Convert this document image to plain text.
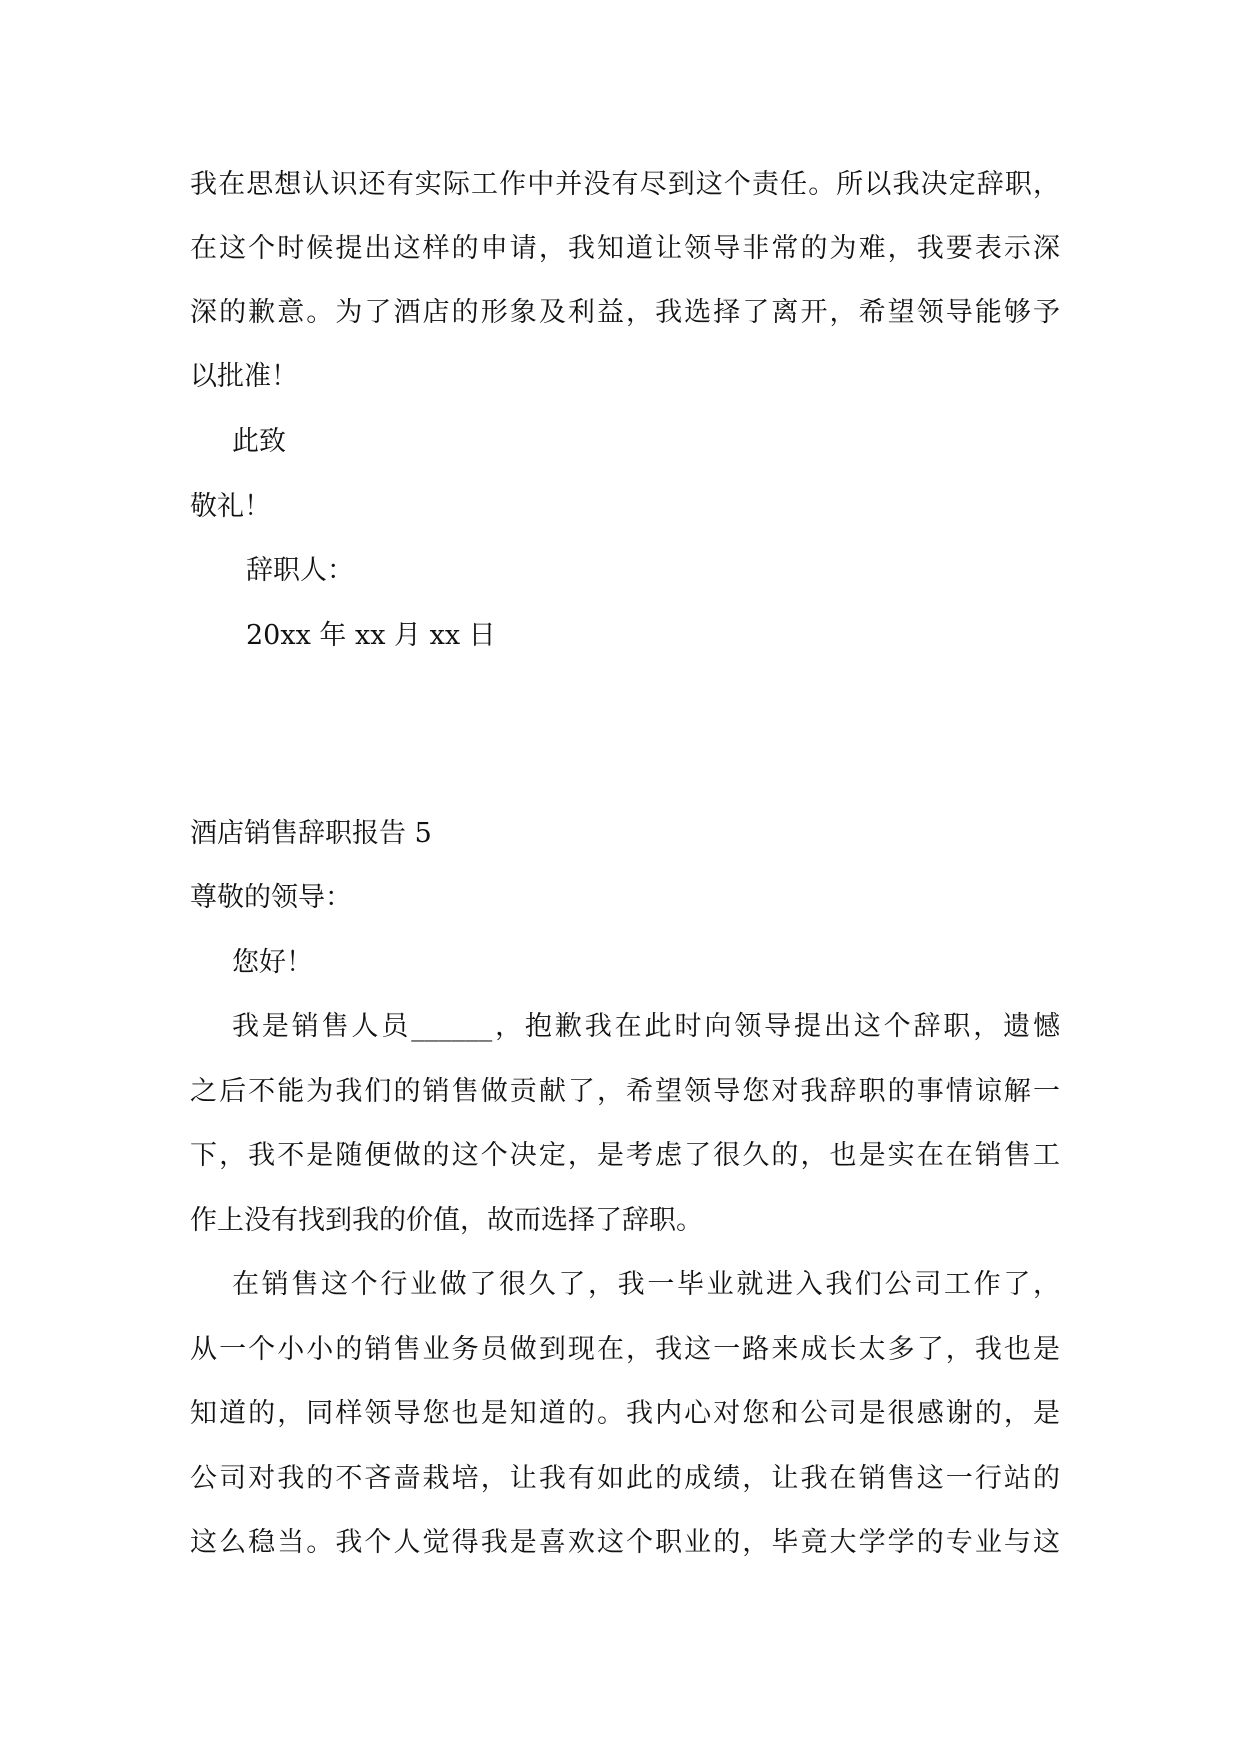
我在思想认识还有实际工作中并没有尽到这个责任。所以我决定辞职，
在这个时候提出这样的申请，我知道让领导非常的为难，我要表示深
深的歉意。为了酒店的形象及利益，我选择了离开，希望领导能够予
以批准！
此致
敬礼！
辞职人：
20xx 年 xx 月 xx 日
酒店销售辞职报告 5
尊敬的领导：
您好！
我是销售人员______，抱歉我在此时向领导提出这个辞职，遗憾
之后不能为我们的销售做贡献了，希望领导您对我辞职的事情谅解一
下，我不是随便做的这个决定，是考虑了很久的，也是实在在销售工
作上没有找到我的价值，故而选择了辞职。
在销售这个行业做了很久了，我一毕业就进入我们公司工作了，
从一个小小的销售业务员做到现在，我这一路来成长太多了，我也是
知道的，同样领导您也是知道的。我内心对您和公司是很感谢的，是
公司对我的不吝啬栽培，让我有如此的成绩，让我在销售这一行站的
这么稳当。我个人觉得我是喜欢这个职业的，毕竟大学学的专业与这
